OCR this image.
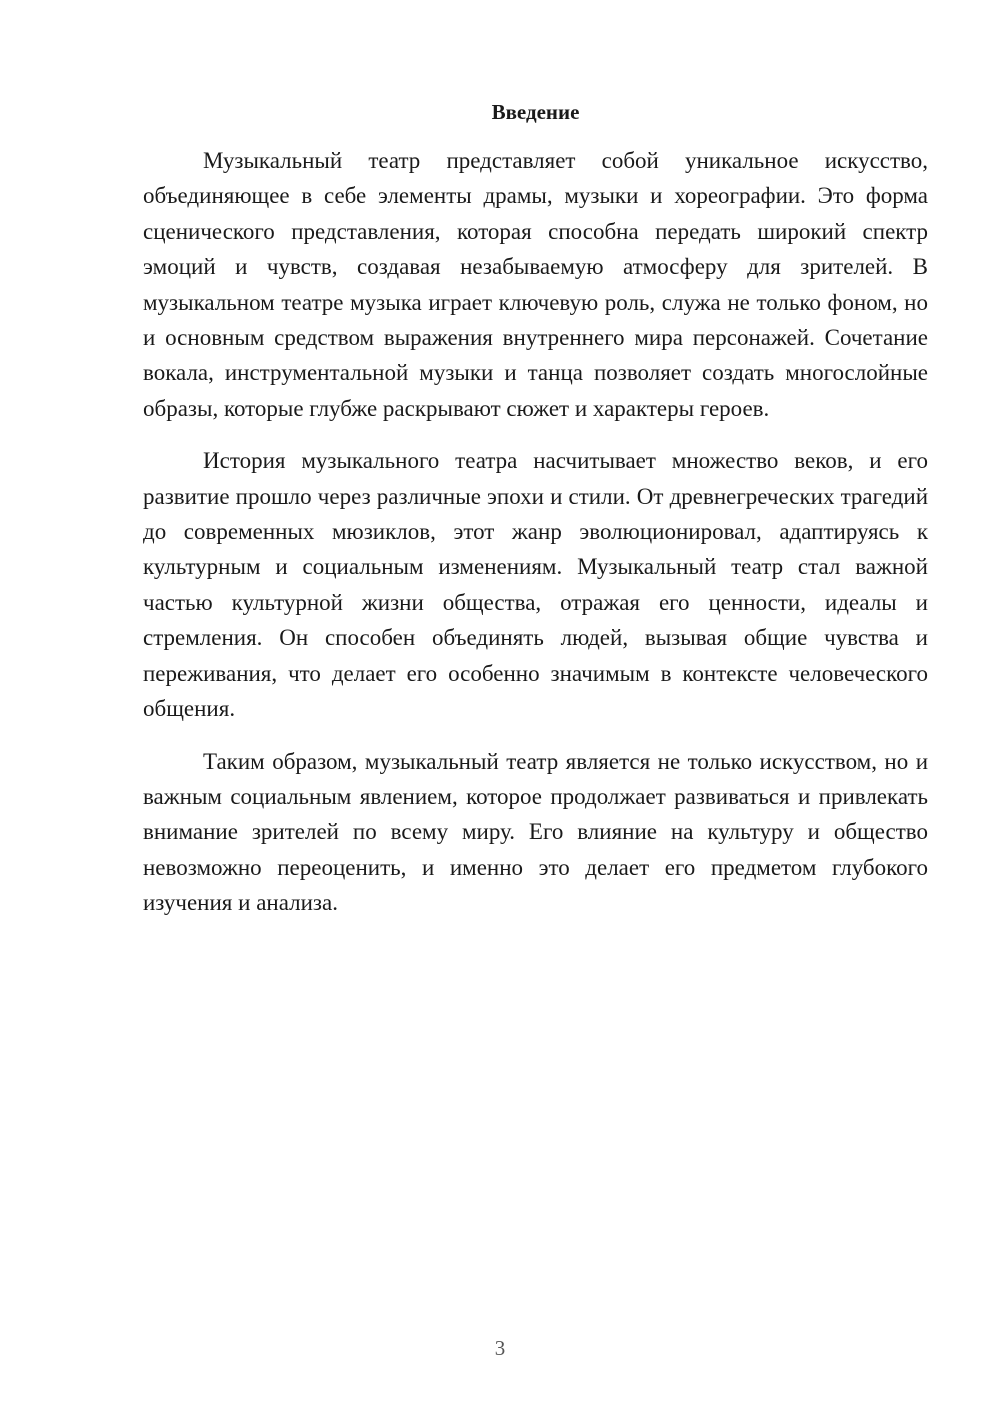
Введение

Музыкальный театр представляет собой уникальное искусство, объединяющее в себе элементы драмы, музыки и хореографии. Это форма сценического представления, которая способна передать широкий спектр эмоций и чувств, создавая незабываемую атмосферу для зрителей. В музыкальном театре музыка играет ключевую роль, служа не только фоном, но и основным средством выражения внутреннего мира персонажей. Сочетание вокала, инструментальной музыки и танца позволяет создать многослойные образы, которые глубже раскрывают сюжет и характеры героев.

История музыкального театра насчитывает множество веков, и его развитие прошло через различные эпохи и стили. От древнегреческих трагедий до современных мюзиклов, этот жанр эволюционировал, адаптируясь к культурным и социальным изменениям. Музыкальный театр стал важной частью культурной жизни общества, отражая его ценности, идеалы и стремления. Он способен объединять людей, вызывая общие чувства и переживания, что делает его особенно значимым в контексте человеческого общения.

Таким образом, музыкальный театр является не только искусством, но и важным социальным явлением, которое продолжает развиваться и привлекать внимание зрителей по всему миру. Его влияние на культуру и общество невозможно переоценить, и именно это делает его предметом глубокого изучения и анализа.

3
